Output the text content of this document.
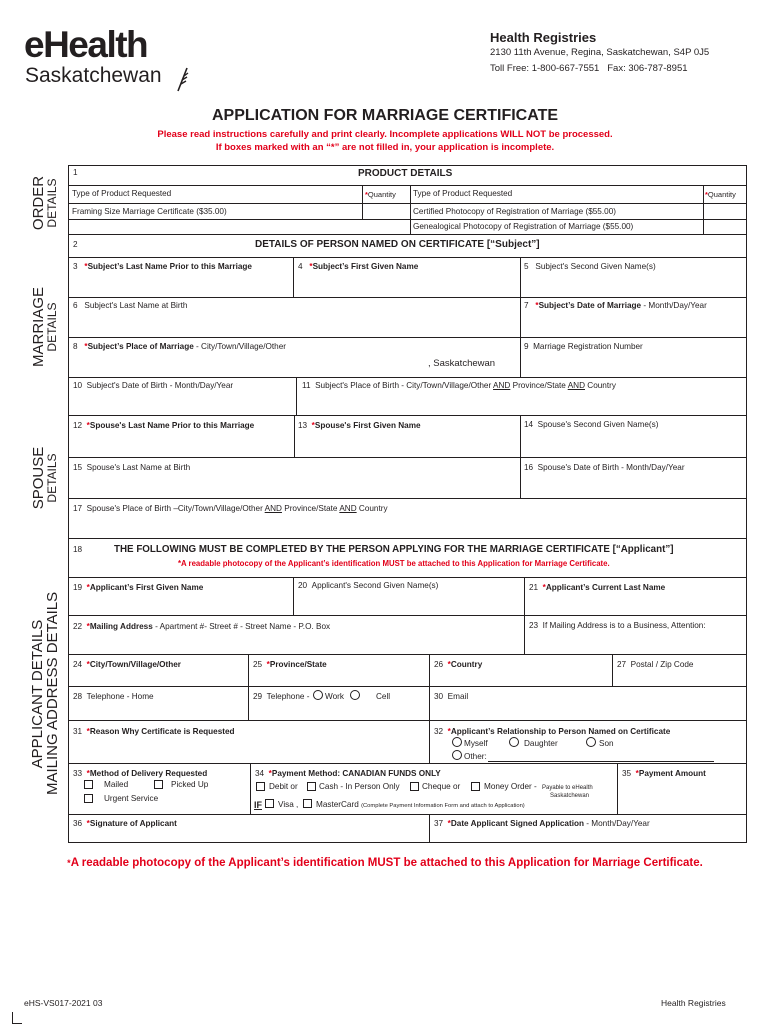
eHealth
Saskatchewan
Health Registries
2130 11th Avenue, Regina, Saskatchewan, S4P 0J5
Toll Free: 1-800-667-7551   Fax: 306-787-8951
APPLICATION FOR MARRIAGE CERTIFICATE
Please read instructions carefully and print clearly. Incomplete applications WILL NOT be processed.
If boxes marked with an “*” are not filled in, your application is incomplete.
ORDER
DETAILS
MARRIAGE
DETAILS
SPOUSE
DETAILS
APPLICANT DETAILS
MAILING ADDRESS DETAILS
1	PRODUCT DETAILS
Type of Product Requested	*Quantity Type of Product Requested	*Quantity
Framing Size Marriage Certificate ($35.00)	Certified Photocopy of Registration of Marriage ($55.00)
Genealogical Photocopy of Registration of Marriage ($55.00)
2	DETAILS OF PERSON NAMED ON CERTIFICATE [“Subject”]
3   *Subject’s Last Name Prior to this Marriage	4   *Subject’s First Given Name	5   Subject's Second Given Name(s)
6   Subject's Last Name at Birth	7   *Subject’s Date of Marriage - Month/Day/Year
8   *Subject’s Place of Marriage - City/Town/Village/Other
, Saskatchewan
9  Marriage Registration Number
10  Subject's Date of Birth - Month/Day/Year	11  Subject's Place of Birth - City/Town/Village/Other AND Province/State AND Country
12  *Spouse's Last Name Prior to this Marriage	13  *Spouse's First Given Name	14  Spouse's Second Given Name(s)
15  Spouse's Last Name at Birth	16  Spouse's Date of Birth - Month/Day/Year
17  Spouse's Place of Birth –City/Town/Village/Other AND Province/State AND Country
18	THE FOLLOWING MUST BE COMPLETED BY THE PERSON APPLYING FOR THE MARRIAGE CERTIFICATE [“Applicant”]
*A readable photocopy of the Applicant’s identification MUST be attached to this Application for Marriage Certificate.
19  *Applicant’s First Given Name	20  Applicant's Second Given Name(s)	21  *Applicant’s Current Last Name
22  *Mailing Address - Apartment #- Street # - Street Name - P.O. Box	23  If Mailing Address is to a Business, Attention:
24  *City/Town/Village/Other	25  *Province/State	26  *Country	27  Postal / Zip Code
28  Telephone - Home	29  Telephone - Work	Cell	30  Email
31  *Reason Why Certificate is Requested	32  *Applicant’s Relationship to Person Named on Certificate
Myself	Daughter	Son
Other:
33  *Method of Delivery Requested
Mailed	Picked Up
Urgent Service
34  *Payment Method: CANADIAN FUNDS ONLY
Debit or	Cash - In Person Only	Cheque or	Money Order - Payable to eHealth
Saskatchewan
IF Visa , MasterCard (Complete Payment Information Form and attach to Application)
35  *Payment Amount
36  *Signature of Applicant	37  *Date Applicant Signed Application - Month/Day/Year
*A readable photocopy of the Applicant’s identification MUST be attached to this Application for Marriage Certificate.
eHS-VS017-2021 03	Health Registries
